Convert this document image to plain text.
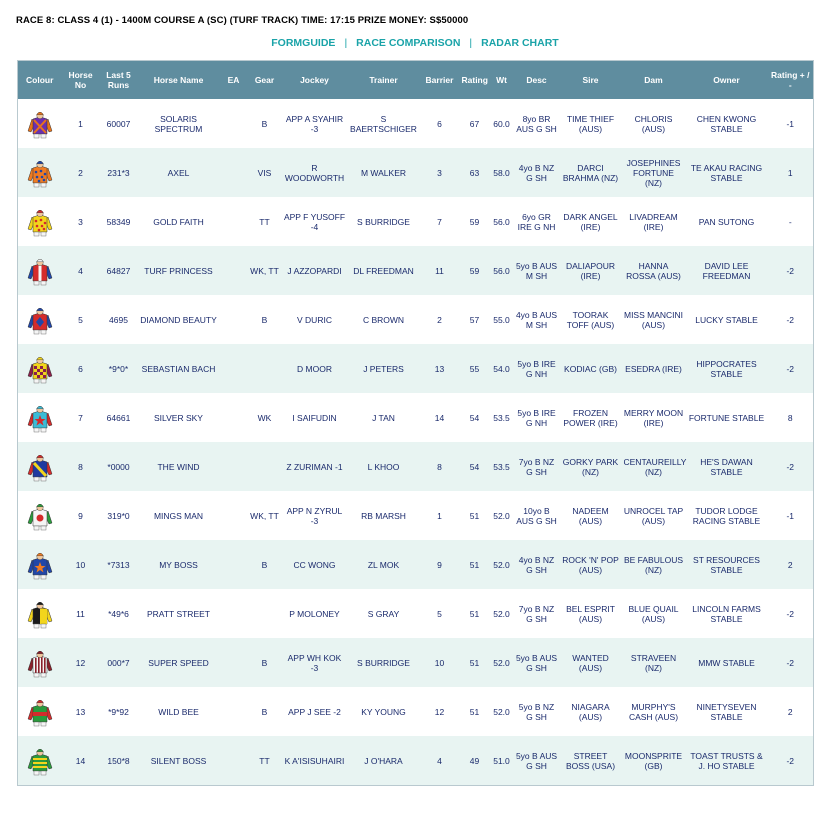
RACE 8: CLASS 4 (1) - 1400M COURSE A (SC) (TURF TRACK) TIME: 17:15 PRIZE MONEY: S$50000
FORMGUIDE | RACE COMPARISON | RADAR CHART
Colour	Horse No	Last 5 Runs	Horse Name	EA	Gear	Jockey	Trainer	Barrier	Rating	Wt	Desc	Sire	Dam	Owner	Rating + / -

	1	60007	SOLARIS SPECTRUM		B	APP A SYAHIR -3	S BAERTSCHIGER	6	67	60.0	8yo BR AUS G SH	TIME THIEF (AUS)	CHLORIS (AUS)	CHEN KWONG STABLE	-1

	2	231*3	AXEL		VIS	R WOODWORTH	M WALKER	3	63	58.0	4yo B NZ G SH	DARCI BRAHMA (NZ)	JOSEPHINES FORTUNE (NZ)	TE AKAU RACING STABLE	1

	3	58349	GOLD FAITH		TT	APP F YUSOFF -4	S BURRIDGE	7	59	56.0	6yo GR IRE G NH	DARK ANGEL (IRE)	LIVADREAM (IRE)	PAN SUTONG	-

	4	64827	TURF PRINCESS		WK, TT	J AZZOPARDI	DL FREEDMAN	11	59	56.0	5yo B AUS M SH	DALIAPOUR (IRE)	HANNA ROSSA (AUS)	DAVID LEE FREEDMAN	-2

	5	4695	DIAMOND BEAUTY		B	V DURIC	C BROWN	2	57	55.0	4yo B AUS M SH	TOORAK TOFF (AUS)	MISS MANCINI (AUS)	LUCKY STABLE	-2

	6	*9*0*	SEBASTIAN BACH			D MOOR	J PETERS	13	55	54.0	5yo B IRE G NH	KODIAC (GB)	ESEDRA (IRE)	HIPPOCRATES STABLE	-2

	7	64661	SILVER SKY		WK	I SAIFUDIN	J TAN	14	54	53.5	5yo B IRE G NH	FROZEN POWER (IRE)	MERRY MOON (IRE)	FORTUNE STABLE	8

	8	*0000	THE WIND			Z ZURIMAN -1	L KHOO	8	54	53.5	7yo B NZ G SH	GORKY PARK (NZ)	CENTAUREILLY (NZ)	HE'S DAWAN STABLE	-2

	9	319*0	MINGS MAN		WK, TT	APP N ZYRUL -3	RB MARSH	1	51	52.0	10yo B AUS G SH	NADEEM (AUS)	UNROCEL TAP (AUS)	TUDOR LODGE RACING STABLE	-1

	10	*7313	MY BOSS		B	CC WONG	ZL MOK	9	51	52.0	4yo B NZ G SH	ROCK 'N' POP (AUS)	BE FABULOUS (NZ)	ST RESOURCES STABLE	2

	11	*49*6	PRATT STREET			P MOLONEY	S GRAY	5	51	52.0	7yo B NZ G SH	BEL ESPRIT (AUS)	BLUE QUAIL (AUS)	LINCOLN FARMS STABLE	-2

	12	000*7	SUPER SPEED		B	APP WH KOK -3	S BURRIDGE	10	51	52.0	5yo B AUS G SH	WANTED (AUS)	STRAVEEN (NZ)	MMW STABLE	-2

	13	*9*92	WILD BEE		B	APP J SEE -2	KY YOUNG	12	51	52.0	5yo B NZ G SH	NIAGARA (AUS)	MURPHY'S CASH (AUS)	NINETYSEVEN STABLE	2

	14	150*8	SILENT BOSS		TT	K A'ISISUHAIRI	J O'HARA	4	49	51.0	5yo B AUS G SH	STREET BOSS (USA)	MOONSPRITE (GB)	TOAST TRUSTS & J. HO STABLE	-2
